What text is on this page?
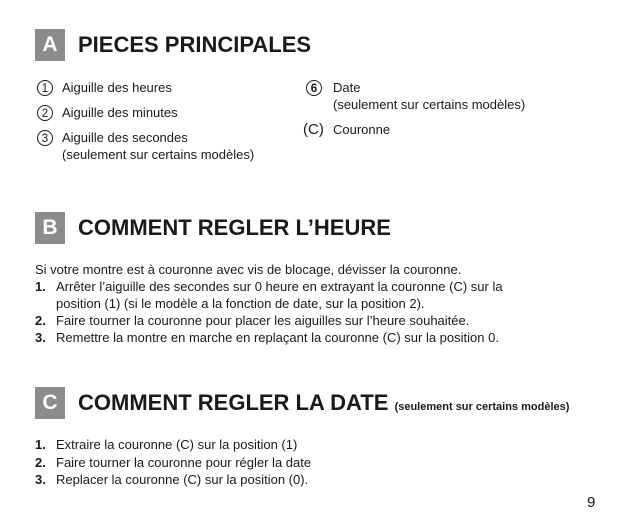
A PIECES PRINCIPALES
1	Aiguille des heures
2	Aiguille des minutes
3	Aiguille des secondes
(seulement sur certains modèles)
6	Date
(seulement sur certains modèles)
(C) Couronne
B COMMENT REGLER L’HEURE
Si votre montre est à couronne avec vis de blocage, dévisser la couronne.
1. Arrêter l’aiguille des secondes sur 0 heure en extrayant la couronne (C) sur la
position (1) (si le modèle a la fonction de date, sur la position 2).
2. Faire tourner la couronne pour placer les aiguilles sur l’heure souhaitée.
3. Remettre la montre en marche en replaçant la couronne (C) sur la position 0.
C COMMENT REGLER LA DATE (seulement sur certains modèles)
1. Extraire la couronne (C) sur la position (1)
2. Faire tourner la couronne pour régler la date
3. Replacer la couronne (C) sur la position (0).
9
